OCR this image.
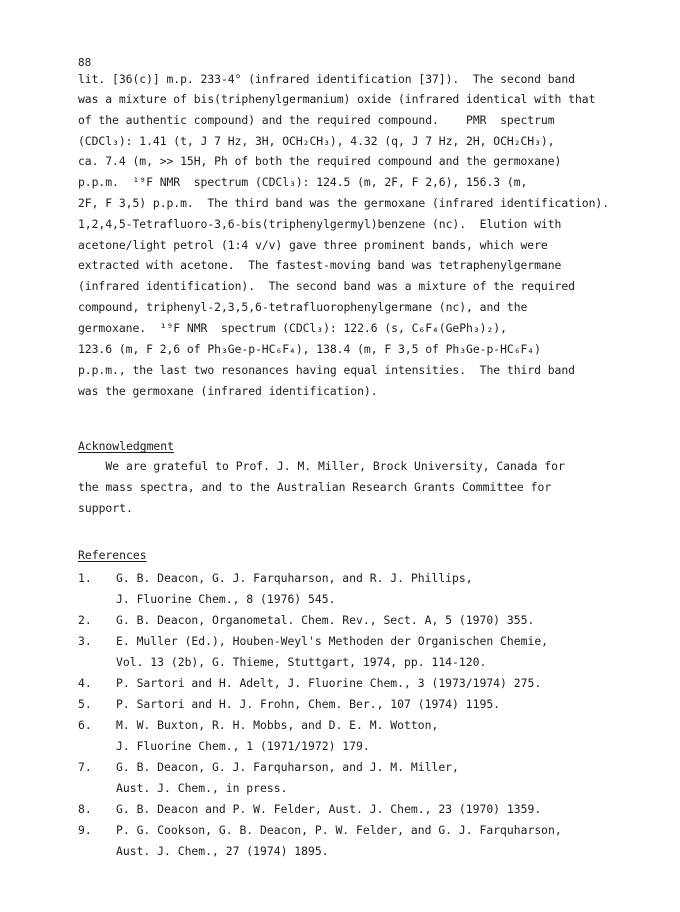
88
lit. [36(c)] m.p. 233-4° (infrared identification [37]).  The second band
was a mixture of bis(triphenylgermanium) oxide (infrared identical with that
of the authentic compound) and the required compound.    PMR  spectrum
(CDCl₃): 1.41 (t, J 7 Hz, 3H, OCH₂CH₃), 4.32 (q, J 7 Hz, 2H, OCH₂CH₃),
ca. 7.4 (m, >> 15H, Ph of both the required compound and the germoxane)
p.p.m.  ¹⁹F NMR  spectrum (CDCl₃): 124.5 (m, 2F, F 2,6), 156.3 (m,
2F, F 3,5) p.p.m.  The third band was the germoxane (infrared identification).
1,2,4,5-Tetrafluoro-3,6-bis(triphenylgermyl)benzene (nc).  Elution with
acetone/light petrol (1:4 v/v) gave three prominent bands, which were
extracted with acetone.  The fastest-moving band was tetraphenylgermane
(infrared identification).  The second band was a mixture of the required
compound, triphenyl-2,3,5,6-tetrafluorophenylgermane (nc), and the
germoxane.  ¹⁹F NMR  spectrum (CDCl₃): 122.6 (s, C₆F₄(GePh₃)₂),
123.6 (m, F 2,6 of Ph₃Ge-p-HC₆F₄), 138.4 (m, F 3,5 of Ph₃Ge-p-HC₆F₄)
p.p.m., the last two resonances having equal intensities.  The third band
was the germoxane (infrared identification).
Acknowledgment
We are grateful to Prof. J. M. Miller, Brock University, Canada for
the mass spectra, and to the Australian Research Grants Committee for
support.
References
1. G. B. Deacon, G. J. Farquharson, and R. J. Phillips,
J. Fluorine Chem., 8 (1976) 545.
2. G. B. Deacon, Organometal. Chem. Rev., Sect. A, 5 (1970) 355.
3. E. Muller (Ed.), Houben-Weyl's Methoden der Organischen Chemie,
Vol. 13 (2b), G. Thieme, Stuttgart, 1974, pp. 114-120.
4. P. Sartori and H. Adelt, J. Fluorine Chem., 3 (1973/1974) 275.
5. P. Sartori and H. J. Frohn, Chem. Ber., 107 (1974) 1195.
6. M. W. Buxton, R. H. Mobbs, and D. E. M. Wotton,
J. Fluorine Chem., 1 (1971/1972) 179.
7. G. B. Deacon, G. J. Farquharson, and J. M. Miller,
Aust. J. Chem., in press.
8. G. B. Deacon and P. W. Felder, Aust. J. Chem., 23 (1970) 1359.
9. P. G. Cookson, G. B. Deacon, P. W. Felder, and G. J. Farquharson,
Aust. J. Chem., 27 (1974) 1895.
